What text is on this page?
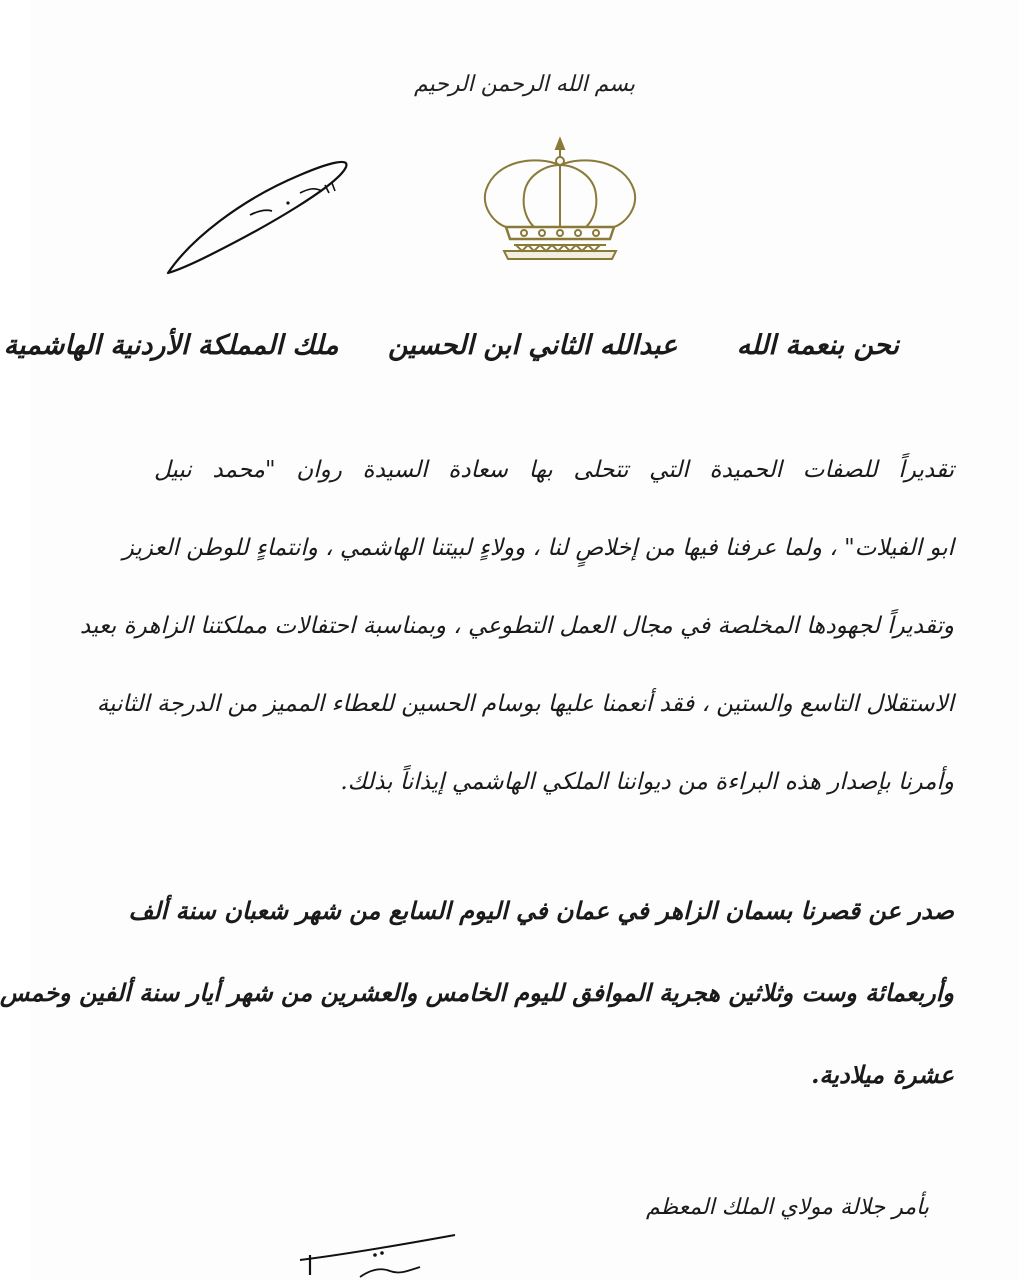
بسم الله الرحمن الرحيم
نحن بنعمة الله عبدالله الثاني ابن الحسين ملك المملكة الأردنية الهاشمية
تقديراً للصفات الحميدة التي تتحلى بها سعادة السيدة روان "محمد نبيل
ابو الفيلات" ، ولما عرفنا فيها من إخلاصٍ لنا ، وولاءٍ لبيتنا الهاشمي ، وانتماءٍ للوطن العزيز
وتقديراً لجهودها المخلصة في مجال العمل التطوعي ، وبمناسبة احتفالات مملكتنا الزاهرة بعيد
الاستقلال التاسع والستين ، فقد أنعمنا عليها بوسام الحسين للعطاء المميز من الدرجة الثانية
وأمرنا بإصدار هذه البراءة من ديواننا الملكي الهاشمي إيذاناً بذلك.
صدر عن قصرنا بسمان الزاهر في عمان في اليوم السابع من شهر شعبان سنة ألف
وأربعمائة وست وثلاثين هجرية الموافق لليوم الخامس والعشرين من شهر أيار سنة ألفين وخمس
عشرة ميلادية.
بأمر جلالة مولاي الملك المعظم
